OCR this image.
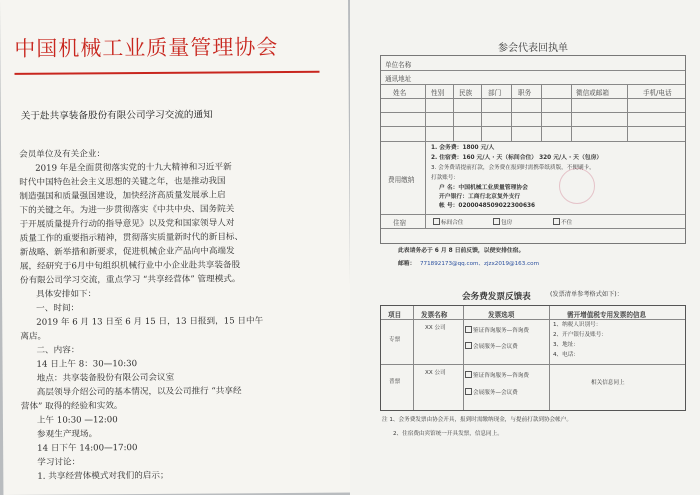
中国机械工业质量管理协会
关于赴共享装备股份有限公司学习交流的通知
会员单位及有关企业：
2019 年是全面贯彻落实党的十九大精神和习近平新
时代中国特色社会主义思想的关键之年，也是推动我国
制造强国和质量强国建设，加快经济高质量发展承上启
下的关键之年。为进一步贯彻落实《中共中央、国务院关
于开展质量提升行动的指导意见》以及党和国家领导人对
质量工作的重要指示精神，贯彻落实质量新时代的新目标、
新战略、新举措和新要求，促进机械企业产品向中高端发
展，经研究于6月中旬组织机械行业中小企业赴共享装备股
份有限公司学习交流，重点学习 “共享经营体” 管理模式。
具体安排如下：
一、时间：
2019 年 6 月 13 日至 6 月 15 日，13 日报到，15 日中午
离店。
二、内容：
14 日上午 8：30—10:30
地点：共享装备股份有限公司会议室
高层领导介绍公司的基本情况，以及公司推行 “共享经
营体” 取得的经验和实效。
上午 10:30 —12:00
参观生产现场。
14 日下午 14:00—17:00
学习讨论：
1. 共享经营体模式对我们的启示；
参会代表回执单
单位名称
通讯地址
姓名	性别 民族 部门	职务	微信或邮箱	手机/电话
费用缴纳
1. 会务费：1800 元/人
2. 住宿费：160 元/人 · 天（标间合住） 320 元/人 · 天（包房）
3. 会务费请提前打款，会务费在报到时需携带纸质版，不便刷卡，
打款账号：
户 名：中国机械工业质量管理协会
开户银行：工商行北京复外支行
帐 号：0200048509022300636
住宿	标间合住	包房	不住
此表请务必于 6 月 8 日前反馈，以便安排住宿。
邮箱： 771892173@qq.com、zjzx2019@163.com
会务费发票反馈表	(发票清单参考格式如下)：
项目	发票名称	发票选项	需开增值税专用发票的信息
专票
XX 公司	鉴证咨询服务—咨询费
会展服务—会议费
1、纳税人识别号：
2、开户银行及账号：
3、地址：
4、电话：
普票
XX 公司	鉴证咨询服务—咨询费
会展服务—会议费
相关信息同上
注 1、会务费发票由协会开具，报到时需缴纳现金，与提前打款到协会帐户。
2、住宿费由宾馆统一开具发票，信息同上。
